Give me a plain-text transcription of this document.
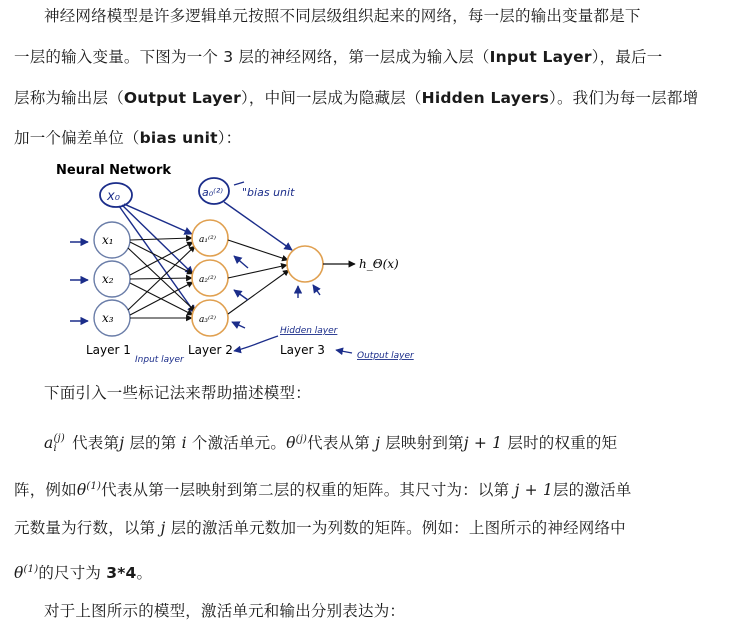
神经网络模型是许多逻辑单元按照不同层级组织起来的网络，每一层的输出变量都是下
一层的输入变量。下图为一个 3 层的神经网络，第一层成为输入层（Input Layer），最后一
层称为输出层（Output Layer），中间一层成为隐藏层（Hidden Layers）。我们为每一层都增
加一个偏差单位（bias unit）：
Neural Network
x₀	a₀⁽²⁾ "bias unit
x₁
x₂
x₃
a₁⁽²⁾
a₂⁽²⁾
a₃⁽²⁾
h_Θ(x)
Layer 1	Layer 2	Layer 3
Input layer
Hidden layer
Output layer
下面引入一些标记法来帮助描述模型：
a (j)
i 代表第j 层的第 i 个激活单元。$\theta^{(j)}$代表从第 j 层映射到第j + 1 层时的权重的矩
阵，例如$\theta^{(1)}$代表从第一层映射到第二层的权重的矩阵。其尺寸为：以第 j + 1层的激活单
元数量为行数，以第 j 层的激活单元数加一为列数的矩阵。例如：上图所示的神经网络中
$\theta^{(1)}$的尺寸为 3*4。
对于上图所示的模型，激活单元和输出分别表达为：
